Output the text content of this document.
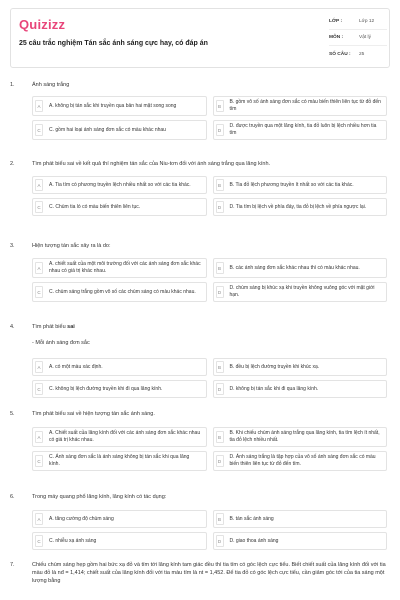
Quizizz
25 câu trắc nghiệm Tán sắc ánh sáng cực hay, có đáp án
LỚP :	Lớp 12
MÔN :	Vật lý
SỐ CÂU :	25
1.	Ánh sáng trắng
A	A. không bị tán sắc khi truyền qua bản hai mặt song song	B
B. gồm vô số ánh sáng đơn sắc có màu biến thiên liên tục từ đỏ đến tím
C	C. gồm hai loại ánh sáng đơn sắc có màu khác nhau	D
D. được truyền qua một lăng kính, tia đỏ luôn bị lệch nhiều hơn tia tím
2.	Tìm phát biểu sai về kết quả thí nghiệm tán sắc của Niu-tơn đối với ánh sáng trắng qua lăng kính.
A	A. Tia tím có phương truyền lệch nhiều nhất so với các tia khác.	B	B. Tia đỏ lệch phương truyền ít nhất so với các tia khác.
C	C. Chùm tia ló có màu biến thiên liên tục.	D	D. Tia tím bị lệch về phía đáy, tia đỏ bị lệch về phía ngược lại.
3.	Hiện tượng tán sắc xảy ra là do:
A
A. chiết suất của một môi trường đối với các ánh sáng đơn sắc khác nhau có giá trị khác nhau.	B	B. các ánh sáng đơn sắc khác nhau thì có màu khác nhau.
C	C. chùm sáng trắng gồm vô số các chùm sáng có màu khác nhau.	D
D. chùm sáng bị khúc xạ khi truyền không vuông góc với mặt giới hạn.
4.	Tìm phát biểu sai
- Mỗi ánh sáng đơn sắc
A	A. có một màu xác định.	B	B. đều bị lệch đường truyền khi khúc xạ.
C	C. không bị lệch đường truyền khi đi qua lăng kính.	D	D. không bị tán sắc khi đi qua lăng kính.
5.	Tìm phát biểu sai về hiện tượng tán sắc ánh sáng.
A
A. Chiết suất của lăng kính đối với các ánh sáng đơn sắc khác nhau có giá trị khác nhau.	B
B. Khi chiếu chùm ánh sáng trắng qua lăng kính, tia tím lệch ít nhất, tia đỏ lệch nhiều nhất.
C
C. Ánh sáng đơn sắc là ánh sáng không bị tán sắc khi qua lăng kính.	D
D. Ánh sáng trắng là tập hợp của vô số ánh sáng đơn sắc có màu biến thiên liên tục từ đỏ đến tím.
6.	Trong máy quang phổ lăng kính, lăng kính có tác dụng:
A	A. tăng cường độ chùm sáng	B	B. tán sắc ánh sáng
C	C. nhiễu xạ ánh sáng	D	D. giao thoa ánh sáng
7.	Chiếu chùm sáng hẹp gồm hai bức xạ đỏ và tím tới lăng kính tam giác đều thì tia tím có góc lệch cực tiểu. Biết chiết suất của lăng kính đối với tia màu đỏ là nđ = 1,414; chiết suất của lăng kính đối với tia màu tím là nt = 1,452. Để tia đỏ có góc lệch cực tiểu, cần giảm góc tới của tia sáng một lượng bằng
